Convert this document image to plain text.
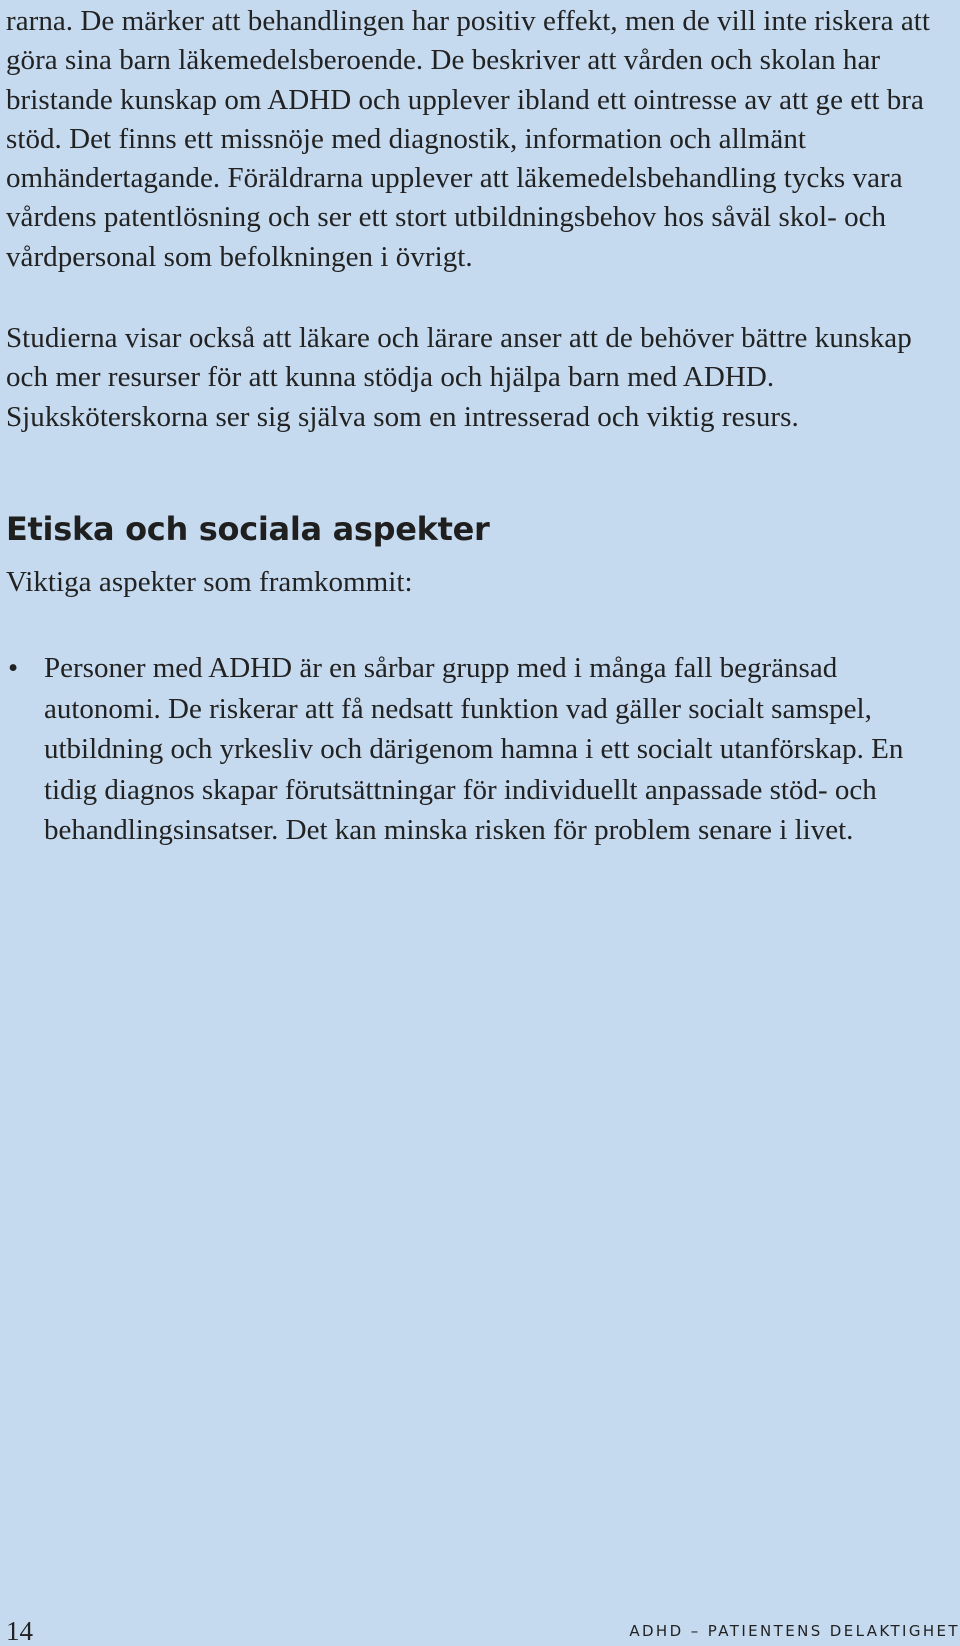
rarna. De märker att behandlingen har positiv effekt, men de vill inte riskera att göra sina barn läkemedelsberoende. De beskriver att vården och skolan har bristande kunskap om ADHD och upplever ibland ett ointresse av att ge ett bra stöd. Det finns ett missnöje med diagnostik, information och allmänt omhändertagande. Föräldrarna upplever att läkemedelsbehandling tycks vara vårdens patentlösning och ser ett stort utbildningsbehov hos såväl skol- och vårdpersonal som befolkningen i övrigt.

Studierna visar också att läkare och lärare anser att de behöver bättre kunskap och mer resurser för att kunna stödja och hjälpa barn med ADHD. Sjuksköterskorna ser sig själva som en intresserad och viktig resurs.

Etiska och sociala aspekter

Viktiga aspekter som framkommit:

• Personer med ADHD är en sårbar grupp med i många fall begränsad autonomi. De riskerar att få nedsatt funktion vad gäller socialt samspel, utbildning och yrkesliv och därigenom hamna i ett socialt utanförskap. En tidig diagnos skapar förutsättningar för individuellt anpassade stöd- och behandlingsinsatser. Det kan minska risken för problem senare i livet.
14	ADHD – PATIENTENS DELAKTIGHET
